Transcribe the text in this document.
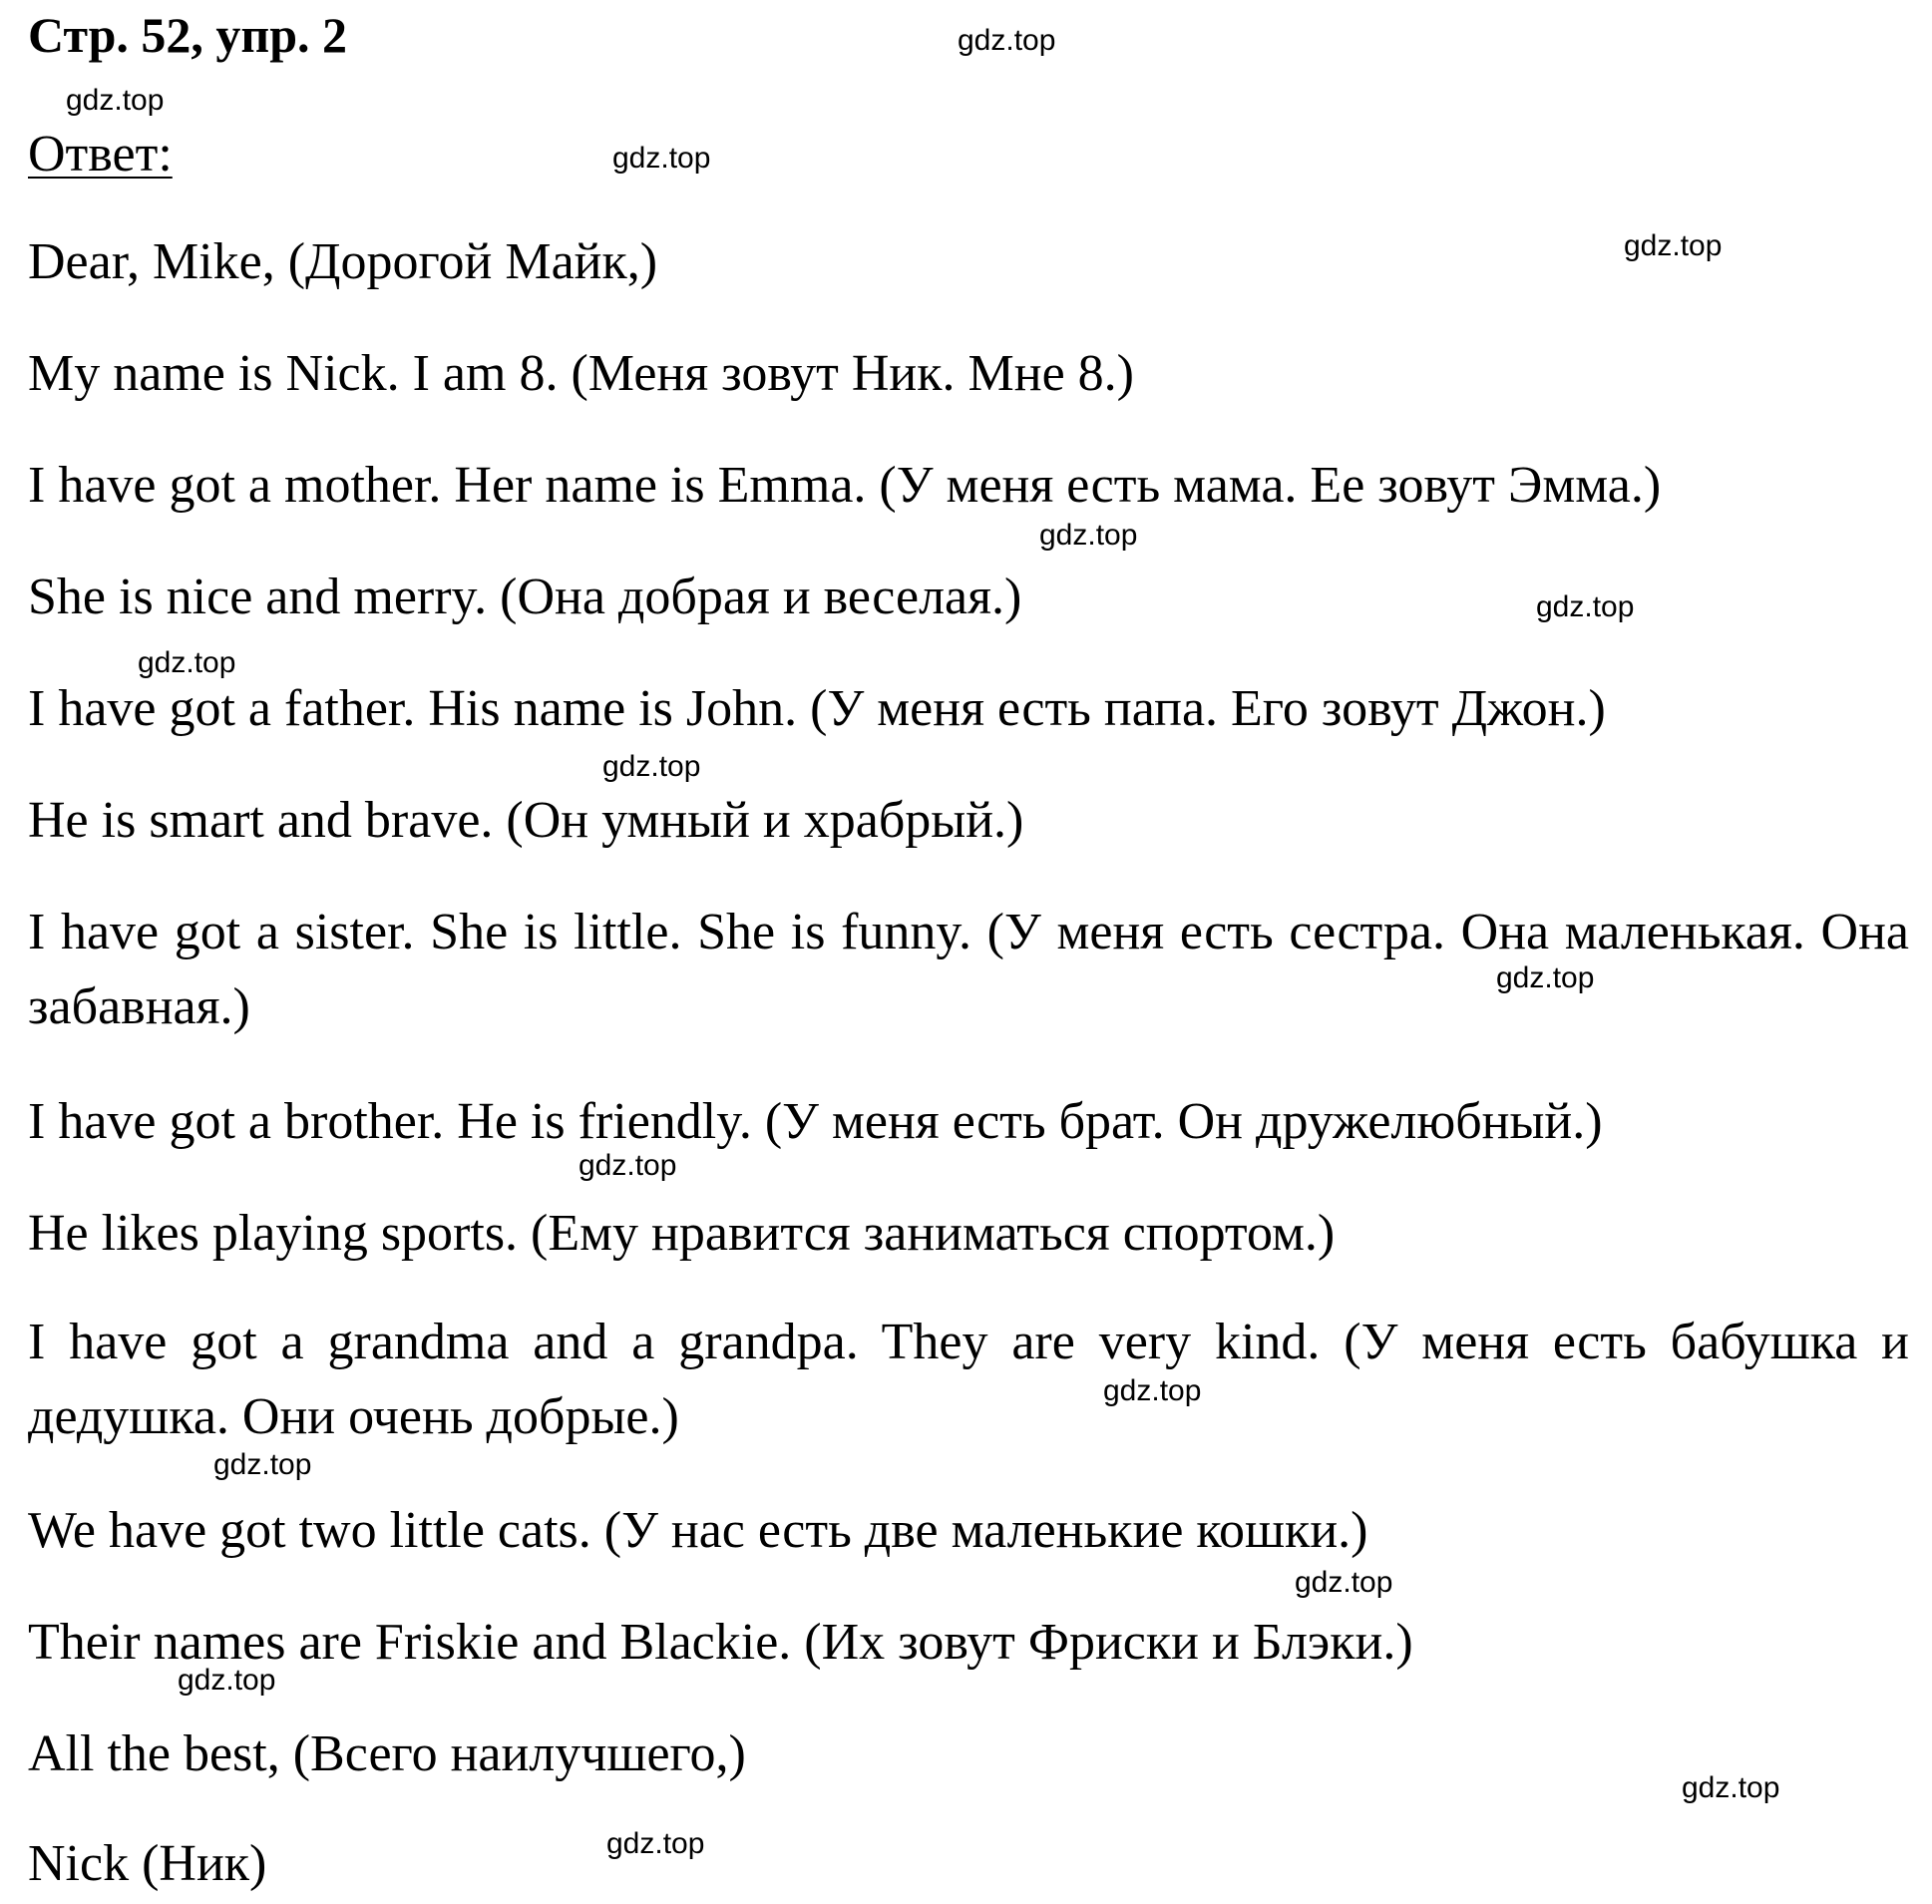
Стр. 52, упр. 2
Ответ:
Dear, Mike, (Дорогой Майк,)
My name is Nick. I am 8. (Меня зовут Ник. Мне 8.)
I have got a mother. Her name is Emma. (У меня есть мама. Ее зовут Эмма.)
She is nice and merry. (Она добрая и веселая.)
I have got a father. His name is John. (У меня есть папа. Его зовут Джон.)
He is smart and brave. (Он умный и храбрый.)
I have got a sister. She is little. She is funny. (У меня есть сестра. Она маленькая. Она забавная.)
I have got a brother. He is friendly. (У меня есть брат. Он дружелюбный.)
He likes playing sports. (Ему нравится заниматься спортом.)
I have got a grandma and a grandpa. They are very kind. (У меня есть бабушка и дедушка. Они очень добрые.)
We have got two little cats. (У нас есть две маленькие кошки.)
Their names are Friskie and Blackie. (Их зовут Фриски и Блэки.)
All the best, (Всего наилучшего,)
Nick (Ник)
gdz.top
gdz.top
gdz.top
gdz.top
gdz.top
gdz.top
gdz.top
gdz.top
gdz.top
gdz.top
gdz.top
gdz.top
gdz.top
gdz.top
gdz.top
gdz.top
